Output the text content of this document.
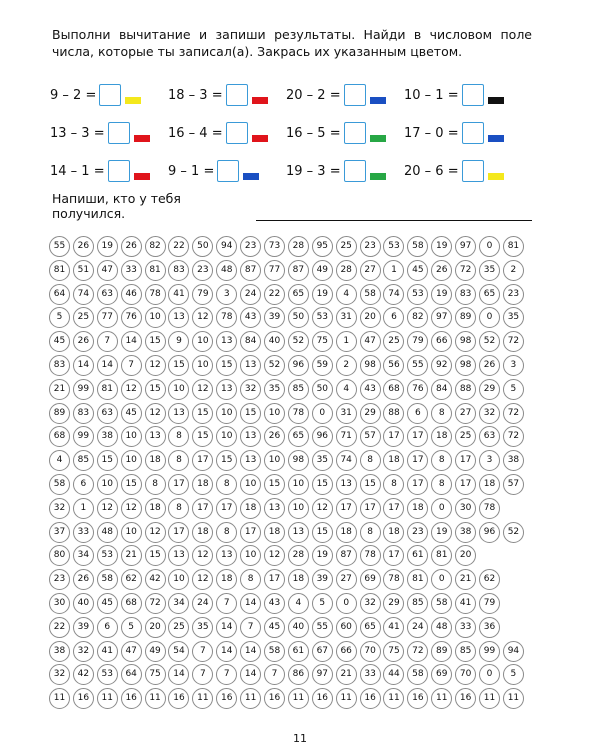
Выполни вычитание и запиши результаты. Найди в числовом поле числа, которые ты записал(а). Закрась их указанным цветом.
9 – 2 =	18 – 3 =	20 – 2 =	10 – 1 =
13 – 3 =	16 – 4 =	16 – 5 =	17 – 0 =
14 – 1 =	9 – 1 =	19 – 3 =	20 – 6 =
Напиши, кто у тебя получился.
55	26	19	26	82	22	50	94	23	73	28	95	25	23	53	58	19	97	0	81
81	51	47	33	81	83	23	48	87	77	87	49	28	27	1	45	26	72	35	2
64	74	63	46	78	41	79	3	24	22	65	19	4	58	74	53	19	83	65	23
5	25	77	76	10	13	12	78	43	39	50	53	31	20	6	82	97	89	0	35
45	26	7	14	15	9	10	13	84	40	52	75	1	47	25	79	66	98	52	72
83	14	14	7	12	15	10	15	13	52	96	59	2	98	56	55	92	98	26	3
21	99	81	12	15	10	12	13	32	35	85	50	4	43	68	76	84	88	29	5
89	83	63	45	12	13	15	10	15	10	78	0	31	29	88	6	8	27	32	72
68	99	38	10	13	8	15	10	13	26	65	96	71	57	17	17	18	25	63	72
4	85	15	10	18	8	17	15	13	10	98	35	74	8	18	17	8	17	3	38
58	6	10	15	8	17	18	8	10	15	10	15	13	15	8	17	8	17	18	57
32	1	12	12	18	8	17	17	18	13	10	12	17	17	17	18	0	30	78
37	33	48	10	12	17	18	8	17	18	13	15	18	8	18	23	19	38	96	52
80	34	53	21	15	13	12	13	10	12	28	19	87	78	17	61	81	20
23	26	58	62	42	10	12	18	8	17	18	39	27	69	78	81	0	21	62
30	40	45	68	72	34	24	7	14	43	4	5	0	32	29	85	58	41	79
22	39	6	5	20	25	35	14	7	45	40	55	60	65	41	24	48	33	36
38	32	41	47	49	54	7	14	14	58	61	67	66	70	75	72	89	85	99	94
32	42	53	64	75	14	7	7	14	7	86	97	21	33	44	58	69	70	0	5
11	16	11	16	11	16	11	16	11	16	11	16	11	16	11	16	11	16	11	11
11
